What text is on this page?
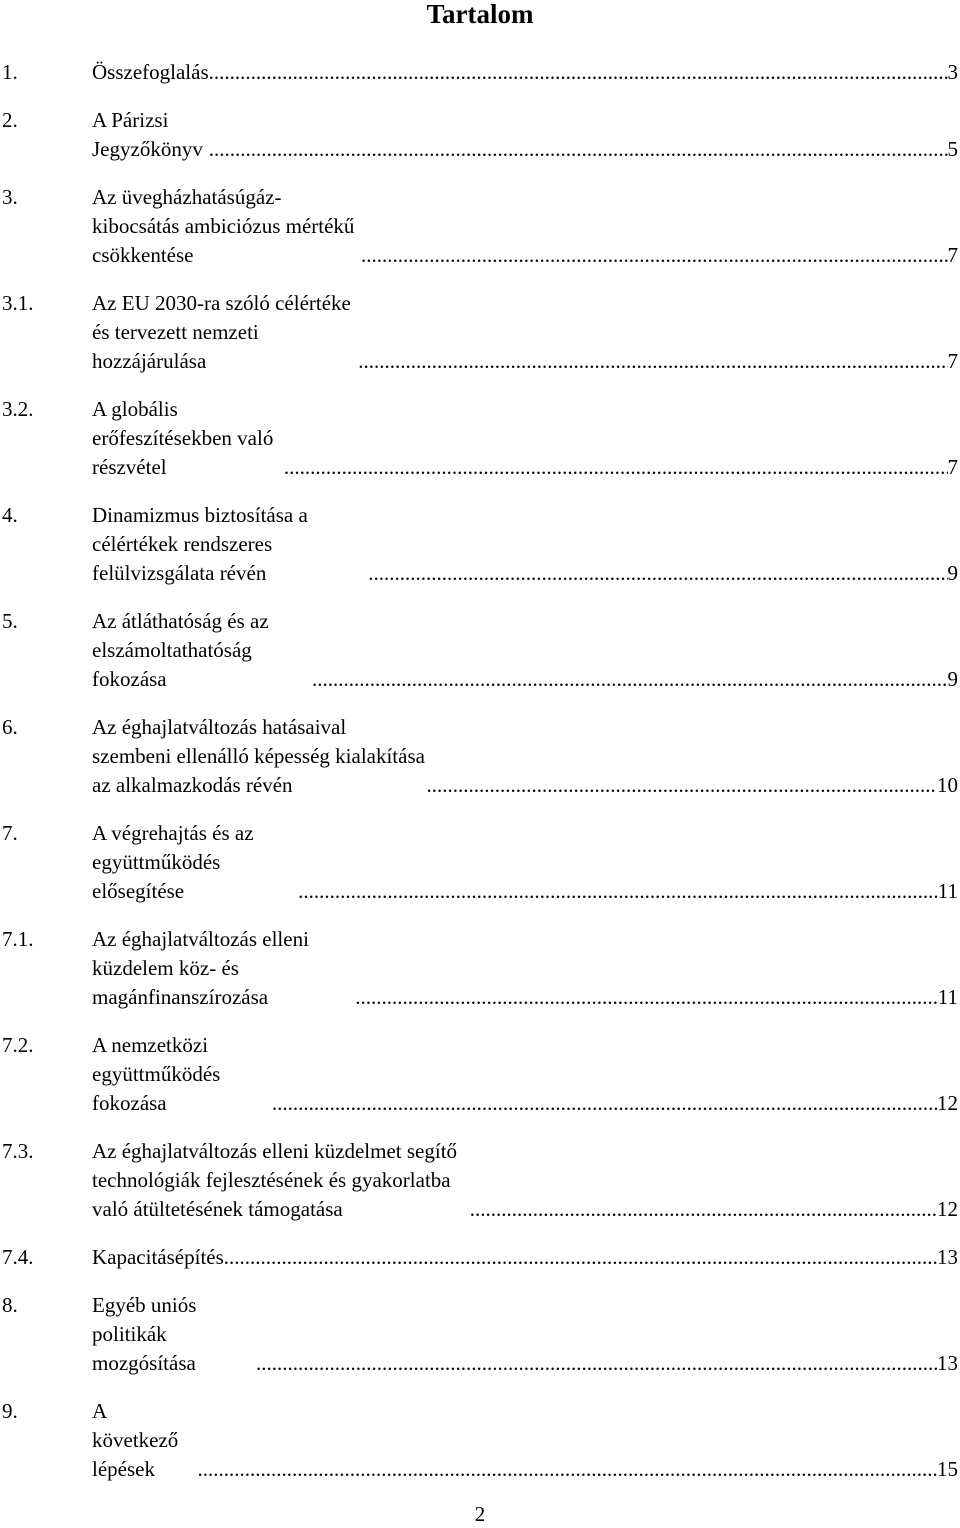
Tartalom
1.	Összefoglalás .....	3
2.	A Párizsi Jegyzőkönyv .....	5
3.	Az üvegházhatásúgáz-kibocsátás ambiciózus mértékű csökkentése .....	7
3.1.	Az EU 2030-ra szóló célértéke és tervezett nemzeti hozzájárulása .....	7
3.2.	A globális erőfeszítésekben való részvétel .....	7
4.	Dinamizmus biztosítása a célértékek rendszeres felülvizsgálata révén .....	9
5.	Az átláthatóság és az elszámoltathatóság fokozása .....	9
6.	Az éghajlatváltozás hatásaival szembeni ellenálló képesség kialakítása az alkalmazkodás révén .....	10
7.	A végrehajtás és az együttműködés elősegítése .....	11
7.1.	Az éghajlatváltozás elleni küzdelem köz- és magánfinanszírozása .....	11
7.2.	A nemzetközi együttműködés fokozása .....	12
7.3.	Az éghajlatváltozás elleni küzdelmet segítő technológiák fejlesztésének és gyakorlatba való átültetésének támogatása .....	12
7.4.	Kapacitásépítés .....	13
8.	Egyéb uniós politikák mozgósítása .....	13
9.	A következő lépések .....	15
2
